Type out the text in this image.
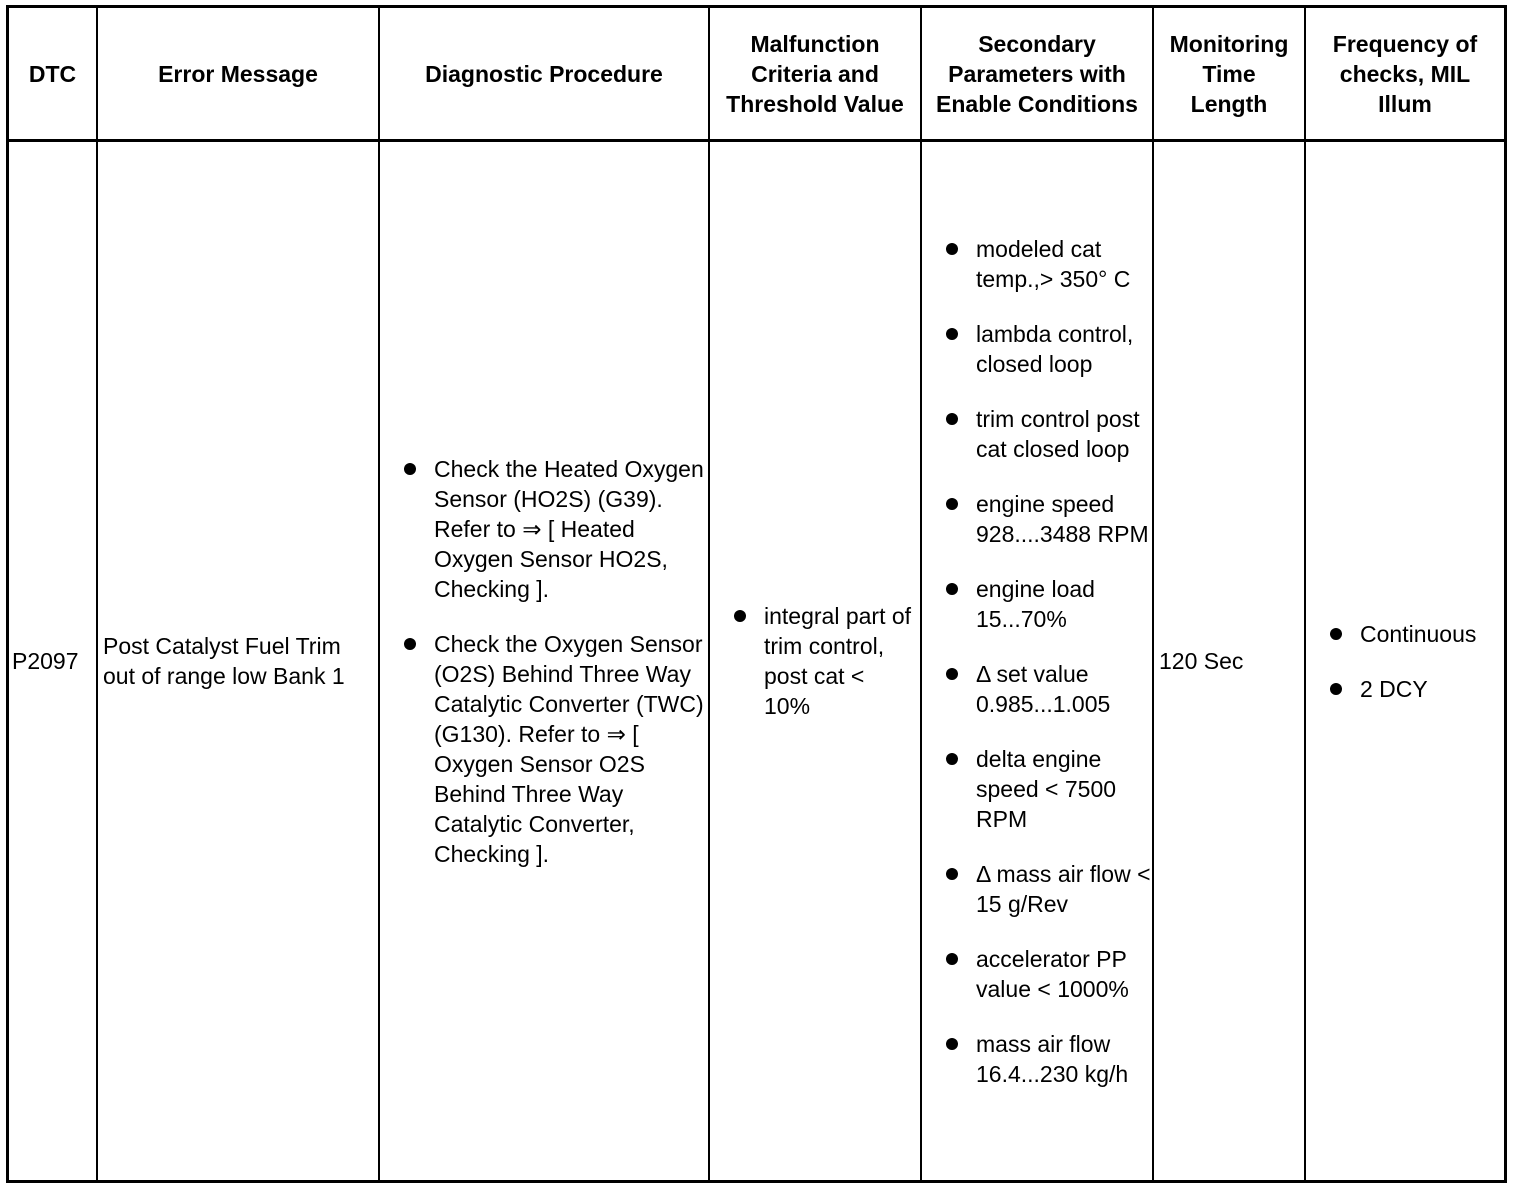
DTC	Error Message	Diagnostic Procedure
Malfunction Criteria and Threshold Value
Secondary Parameters with Enable Conditions
Monitoring Time Length
Frequency of checks, MIL Illum
P2097
Post Catalyst Fuel Trim out of range low Bank 1
Check the Heated Oxygen Sensor (HO2S) (G39). Refer to ⇒ [ Heated Oxygen Sensor HO2S, Checking ].
Check the Oxygen Sensor (O2S) Behind Three Way Catalytic Converter (TWC) (G130). Refer to ⇒ [ Oxygen Sensor O2S Behind Three Way Catalytic Converter, Checking ].
integral part of trim control, post cat < 10%
modeled cat temp.,> 350° C
lambda control, closed loop
trim control post cat closed loop
engine speed 928....3488 RPM
engine load 15...70%
Δ set value 0.985...1.005
delta engine speed < 7500 RPM
Δ mass air flow < 15 g/Rev
accelerator PP value < 1000%
mass air flow 16.4...230 kg/h
120 Sec
Continuous
2 DCY
